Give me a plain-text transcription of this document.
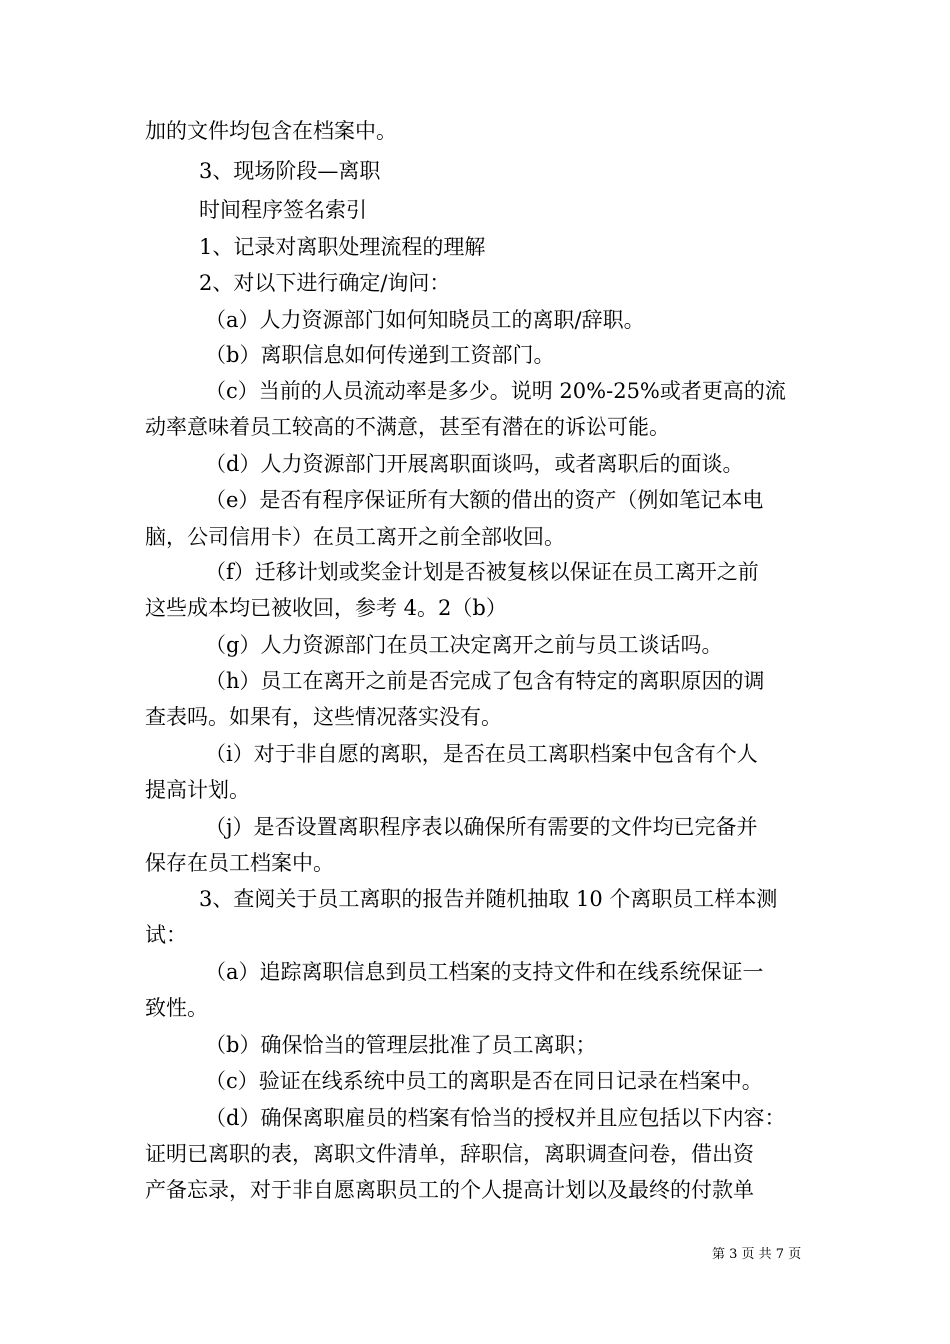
加的文件均包含在档案中。
3、现场阶段—离职
时间程序签名索引
1、记录对离职处理流程的理解
2、对以下进行确定/询问：
（a）人力资源部门如何知晓员工的离职/辞职。
（b）离职信息如何传递到工资部门。
（c）当前的人员流动率是多少。说明 20%-25%或者更高的流
动率意味着员工较高的不满意，甚至有潜在的诉讼可能。
（d）人力资源部门开展离职面谈吗，或者离职后的面谈。
（e）是否有程序保证所有大额的借出的资产（例如笔记本电
脑，公司信用卡）在员工离开之前全部收回。
（f）迁移计划或奖金计划是否被复核以保证在员工离开之前
这些成本均已被收回，参考 4。2（b）
（g）人力资源部门在员工决定离开之前与员工谈话吗。
（h）员工在离开之前是否完成了包含有特定的离职原因的调
查表吗。如果有，这些情况落实没有。
（i）对于非自愿的离职，是否在员工离职档案中包含有个人
提高计划。
（j）是否设置离职程序表以确保所有需要的文件均已完备并
保存在员工档案中。
3、查阅关于员工离职的报告并随机抽取 10 个离职员工样本测
试：
（a）追踪离职信息到员工档案的支持文件和在线系统保证一
致性。
（b）确保恰当的管理层批准了员工离职；
（c）验证在线系统中员工的离职是否在同日记录在档案中。
（d）确保离职雇员的档案有恰当的授权并且应包括以下内容：
证明已离职的表，离职文件清单，辞职信，离职调查问卷，借出资
产备忘录，对于非自愿离职员工的个人提高计划以及最终的付款单
第 3 页 共 7 页
